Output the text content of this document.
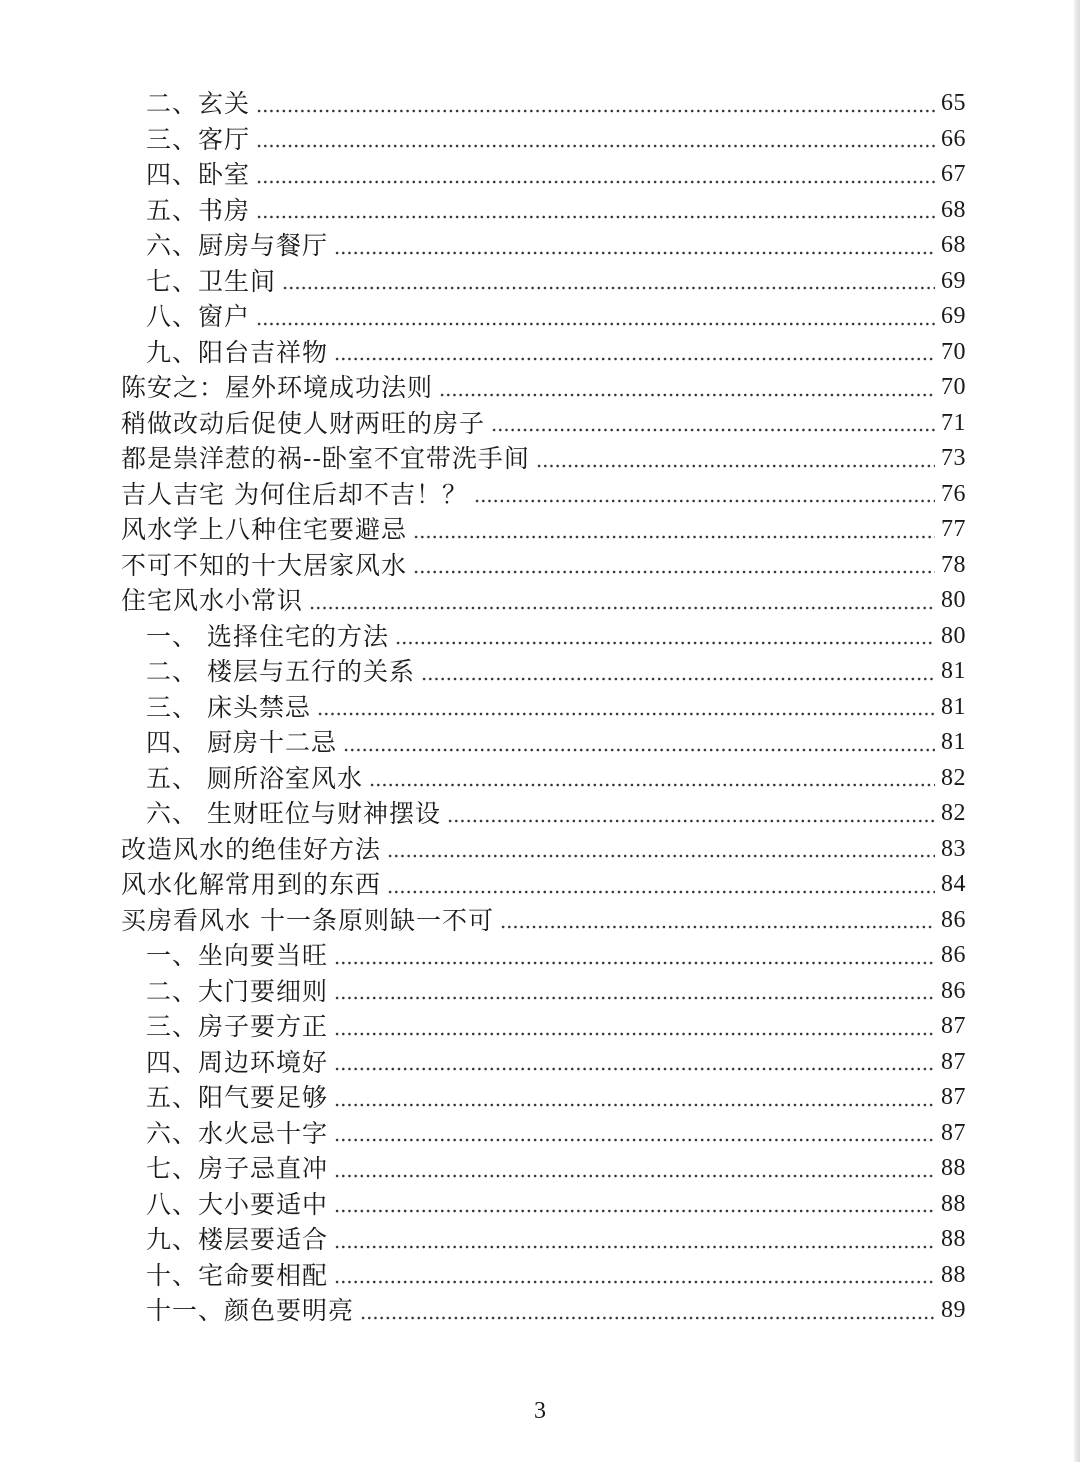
二、玄关	65
三、客厅	66
四、卧室	67
五、书房	68
六、厨房与餐厅	68
七、卫生间	69
八、窗户	69
九、阳台吉祥物	70
陈安之：屋外环境成功法则	70
稍做改动后促使人财两旺的房子	71
都是祟洋惹的祸--卧室不宜带洗手间	73
吉人吉宅 为何住后却不吉！？	76
风水学上八种住宅要避忌	77
不可不知的十大居家风水	78
住宅风水小常识	80
一、 选择住宅的方法	80
二、 楼层与五行的关系	81
三、 床头禁忌	81
四、 厨房十二忌	81
五、 厕所浴室风水	82
六、 生财旺位与财神摆设	82
改造风水的绝佳好方法	83
风水化解常用到的东西	84
买房看风水 十一条原则缺一不可	86
一、坐向要当旺	86
二、大门要细则	86
三、房子要方正	87
四、周边环境好	87
五、阳气要足够	87
六、水火忌十字	87
七、房子忌直冲	88
八、大小要适中	88
九、楼层要适合	88
十、宅命要相配	88
十一、颜色要明亮	89
3
